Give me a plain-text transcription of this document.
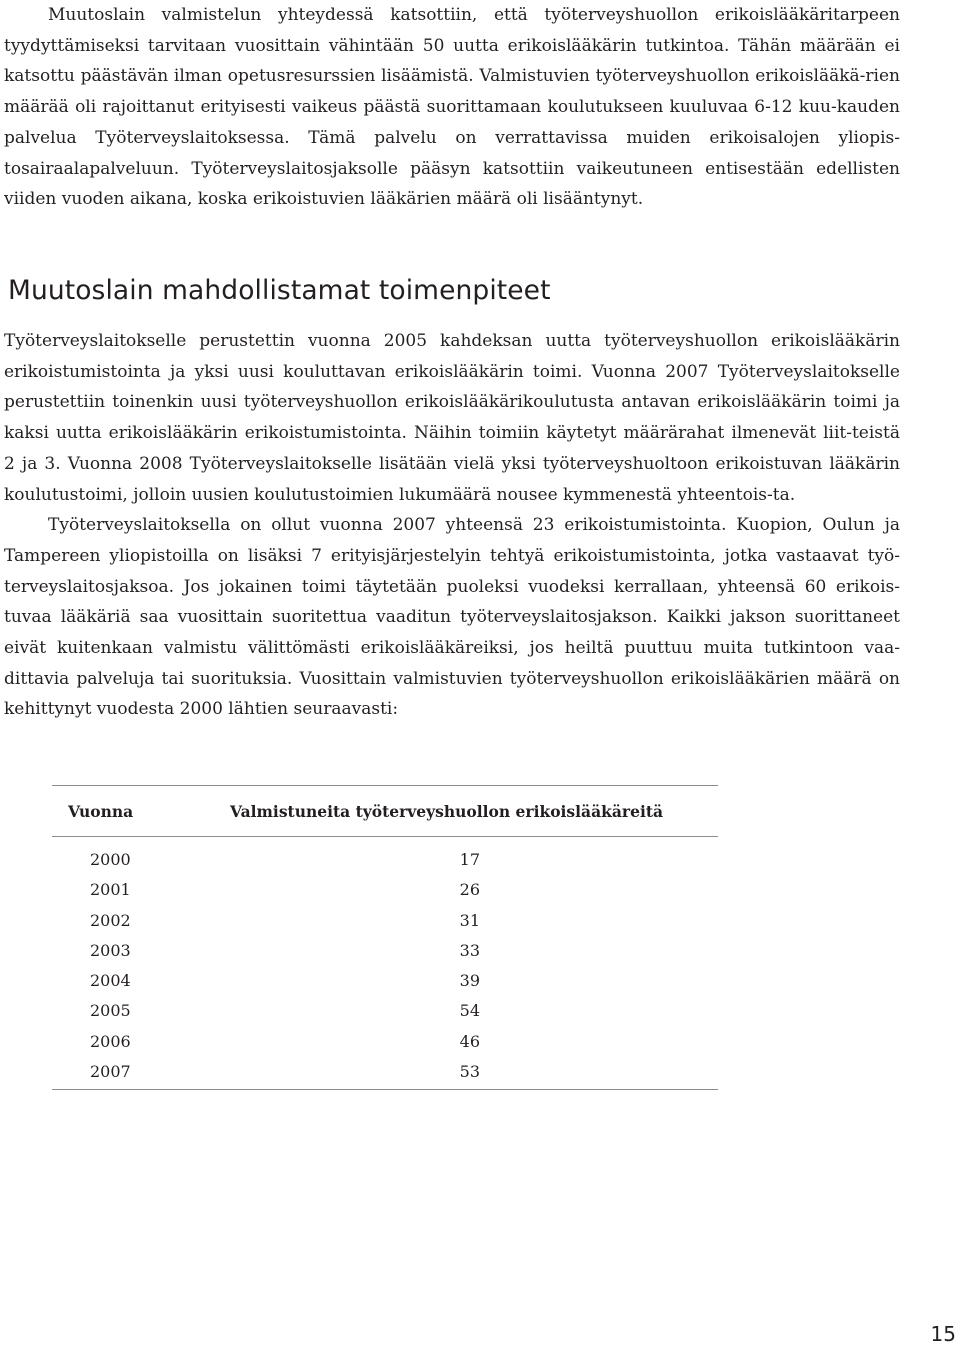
Muutoslain valmistelun yhteydessä katsottiin, että työterveyshuollon erikoislääkäritarpeen tyydyttämiseksi tarvitaan vuosittain vähintään 50 uutta erikoislääkärin tutkintoa. Tähän määrään ei katsottu päästävän ilman opetusresurssien lisäämistä. Valmistuvien työterveyshuollon erikoislääkä-rien määrää oli rajoittanut erityisesti vaikeus päästä suorittamaan koulutukseen kuuluvaa 6-12 kuu-kauden palvelua Työterveyslaitoksessa. Tämä palvelu on verrattavissa muiden erikoisalojen yliopis-tosairaalapalveluun. Työterveyslaitosjaksolle pääsyn katsottiin vaikeutuneen entisestään edellisten viiden vuoden aikana, koska erikoistuvien lääkärien määrä oli lisääntynyt.

Muutoslain mahdollistamat toimenpiteet

Työterveyslaitokselle perustettin vuonna 2005 kahdeksan uutta työterveyshuollon erikoislääkärin erikoistumistointa ja yksi uusi kouluttavan erikoislääkärin toimi. Vuonna 2007 Työterveyslaitokselle perustettiin toinenkin uusi työterveyshuollon erikoislääkärikoulutusta antavan erikoislääkärin toimi ja kaksi uutta erikoislääkärin erikoistumistointa. Näihin toimiin käytetyt määrärahat ilmenevät liit-teistä 2 ja 3. Vuonna 2008 Työterveyslaitokselle lisätään vielä yksi työterveyshuoltoon erikoistuvan lääkärin koulutustoimi, jolloin uusien koulutustoimien lukumäärä nousee kymmenestä yhteentois-ta.

Työterveyslaitoksella on ollut vuonna 2007 yhteensä 23 erikoistumistointa. Kuopion, Oulun ja Tampereen yliopistoilla on lisäksi 7 erityisjärjestelyin tehtyä erikoistumistointa, jotka vastaavat työ-terveyslaitosjaksoa. Jos jokainen toimi täytetään puoleksi vuodeksi kerrallaan, yhteensä 60 erikois-tuvaa lääkäriä saa vuosittain suoritettua vaaditun työterveyslaitosjakson. Kaikki jakson suorittaneet eivät kuitenkaan valmistu välittömästi erikoislääkäreiksi, jos heiltä puuttuu muita tutkintoon vaa-dittavia palveluja tai suorituksia. Vuosittain valmistuvien työterveyshuollon erikoislääkärien määrä on kehittynyt vuodesta 2000 lähtien seuraavasti:

Vuonna	Valmistuneita työterveyshuollon erikoislääkäreitä
2000	17
2001	26
2002	31
2003	33
2004	39
2005	54
2006	46
2007	53
15
